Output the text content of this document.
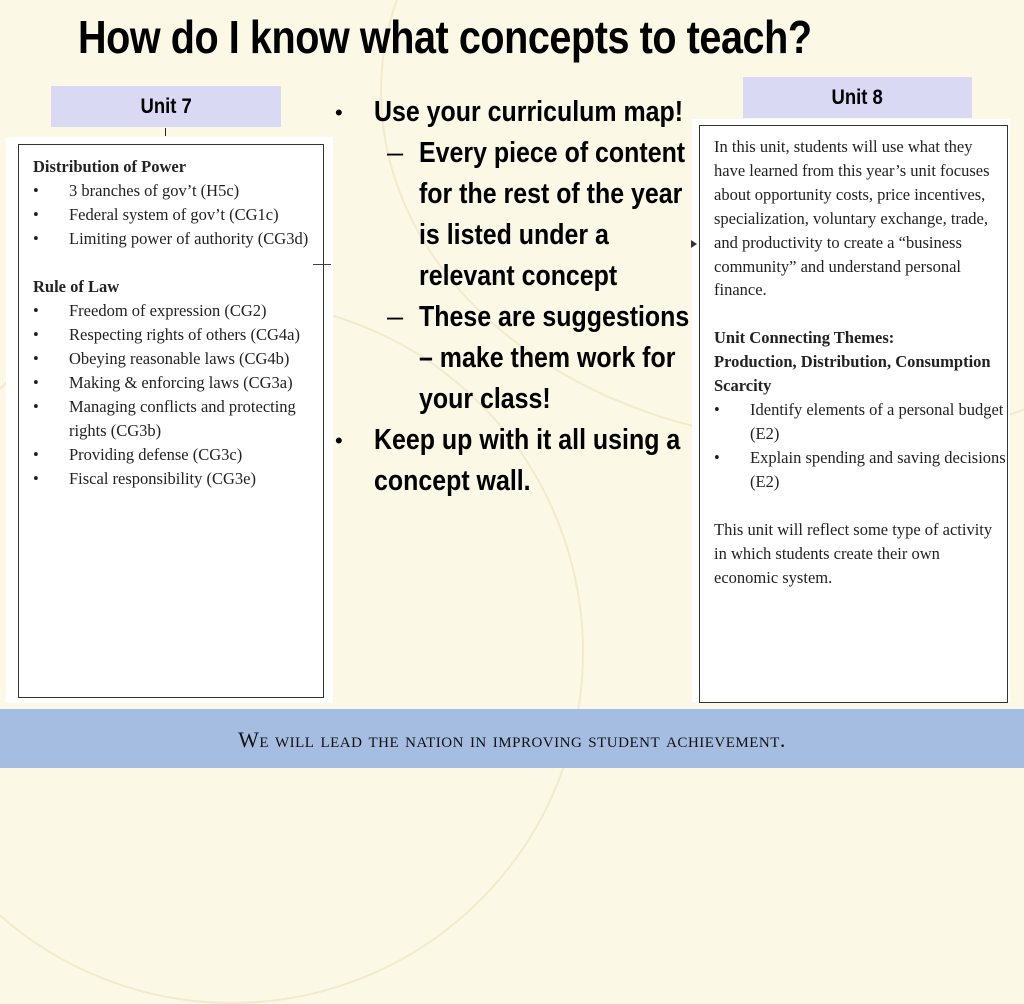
How do I know what concepts to teach?
Unit 7
Distribution of Power
• 3 branches of gov’t (H5c)
• Federal system of gov’t (CG1c)
• Limiting power of authority (CG3d)
Rule of Law
• Freedom of expression (CG2)
• Respecting rights of others (CG4a)
• Obeying reasonable laws (CG4b)
• Making & enforcing laws (CG3a)
• Managing conflicts and protecting rights (CG3b)
• Providing defense (CG3c)
• Fiscal responsibility (CG3e)
• Use your curriculum map!
– Every piece of content for the rest of the year is listed under a relevant concept
– These are suggestions – make them work for your class!
• Keep up with it all using a concept wall.
Unit 8
In this unit, students will use what they have learned from this year’s unit focuses about opportunity costs, price incentives, specialization, voluntary exchange, trade, and productivity to create a “business community” and understand personal finance.
Unit Connecting Themes:
Production, Distribution, Consumption
Scarcity
• Identify elements of a personal budget (E2)
• Explain spending and saving decisions (E2)
This unit will reflect some type of activity in which students create their own economic system.
We will lead the nation in improving student achievement.
